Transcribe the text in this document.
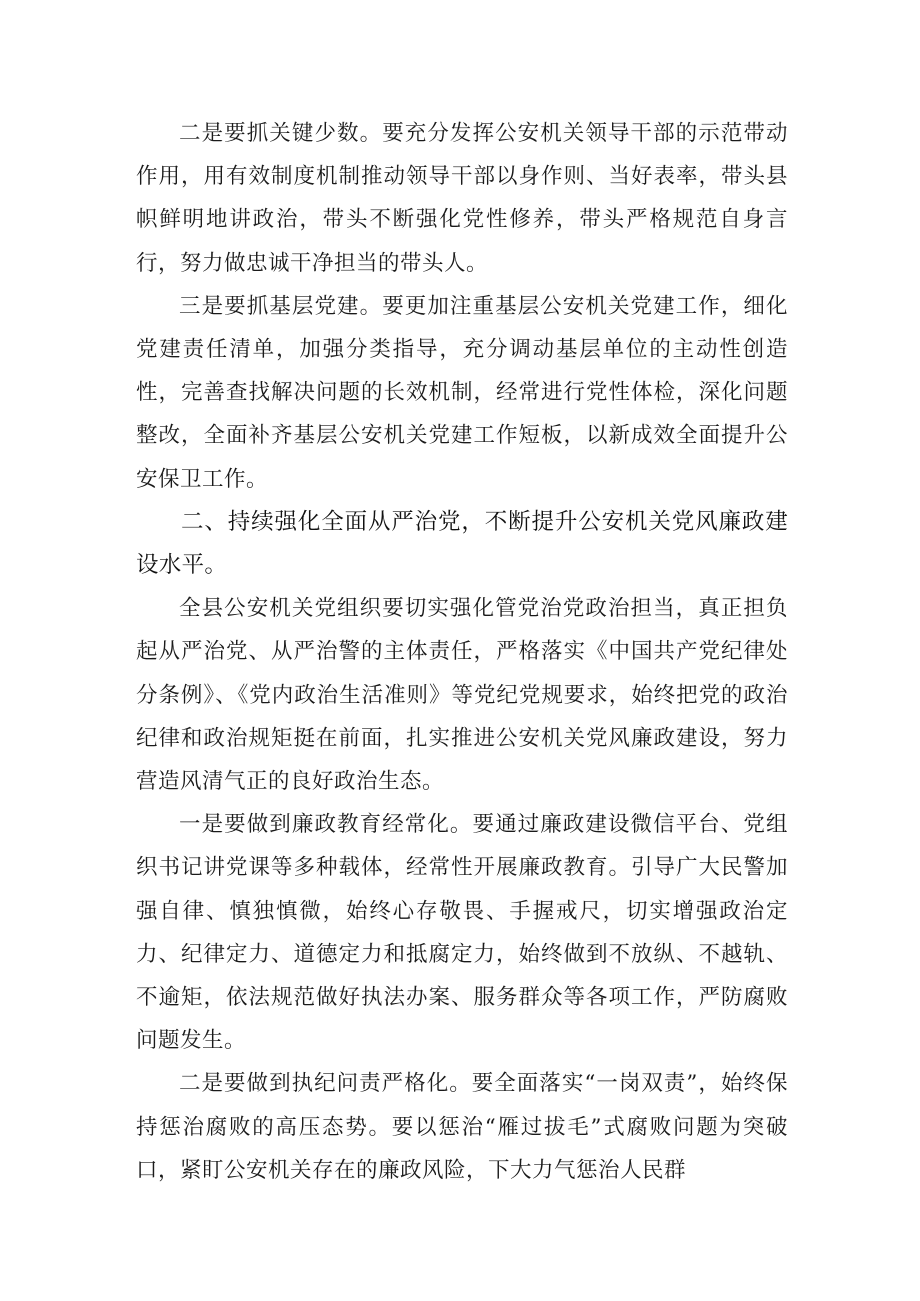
二是要抓关键少数。要充分发挥公安机关领导干部的示范带动作用，用有效制度机制推动领导干部以身作则、当好表率，带头县帜鲜明地讲政治，带头不断强化党性修养，带头严格规范自身言行，努力做忠诚干净担当的带头人。

三是要抓基层党建。要更加注重基层公安机关党建工作，细化党建责任清单，加强分类指导，充分调动基层单位的主动性创造性，完善查找解决问题的长效机制，经常进行党性体检，深化问题整改，全面补齐基层公安机关党建工作短板，以新成效全面提升公安保卫工作。

二、持续强化全面从严治党，不断提升公安机关党风廉政建设水平。

全县公安机关党组织要切实强化管党治党政治担当，真正担负起从严治党、从严治警的主体责任，严格落实《中国共产党纪律处分条例》、《党内政治生活准则》等党纪党规要求，始终把党的政治纪律和政治规矩挺在前面，扎实推进公安机关党风廉政建设，努力营造风清气正的良好政治生态。

一是要做到廉政教育经常化。要通过廉政建设微信平台、党组织书记讲党课等多种载体，经常性开展廉政教育。引导广大民警加强自律、慎独慎微，始终心存敬畏、手握戒尺，切实增强政治定力、纪律定力、道德定力和抵腐定力，始终做到不放纵、不越轨、不逾矩，依法规范做好执法办案、服务群众等各项工作，严防腐败问题发生。

二是要做到执纪问责严格化。要全面落实“一岗双责”，始终保持惩治腐败的高压态势。要以惩治“雁过拔毛”式腐败问题为突破口，紧盯公安机关存在的廉政风险，下大力气惩治人民群
